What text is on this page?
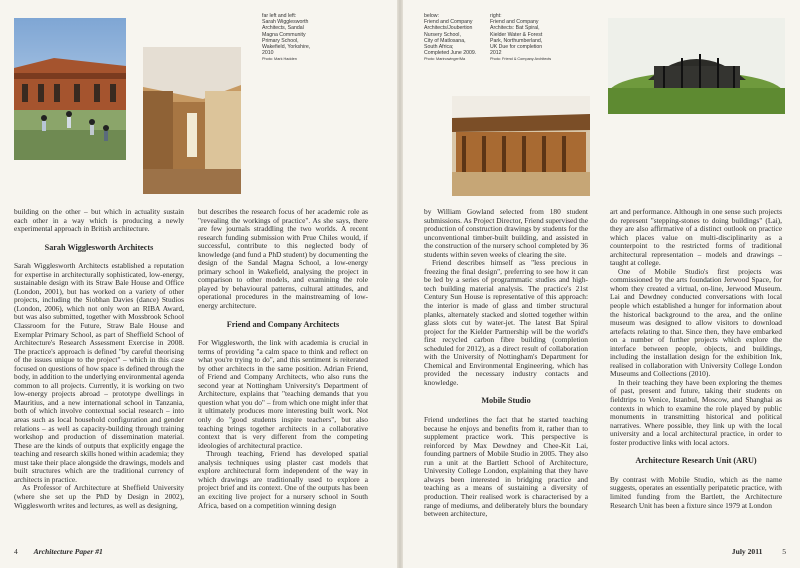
far left and left:
Sarah Wigglesworth
Architects, Sandal
Magna Community
Primary School,
Wakefield, Yorkshire,
2010
Photo: Mark Hadden
below:
Friend and Company
Architects/Joubertion
Nursery School,
City of Matlosana,
South Africa;
Completed June 2009.
Photo: Marinowinger/Ma
right:
Friend and Company
Architects: Bat Spiral,
Kielder Water & Forest
Park, Northumberland,
UK Due for completion
2012
Photo: Friend & Company Architects

building on the other – but which in actuality sustain each other in a way which is producing a newly experimental approach in British architecture.

Sarah Wigglesworth Architects

Sarah Wigglesworth Architects established a reputation for expertise in architecturally sophisticated, low-energy, sustainable design with its Straw Bale House and Office (London, 2001), but has worked on a variety of other projects, including the Siobhan Davies (dance) Studios (London, 2006), which not only won an RIBA Award, but was also submitted, together with Mossbrook School Classroom for the Future, Straw Bale House and Exemplar Primary School, as part of Sheffield School of Architecture's Research Assessment Exercise in 2008. The practice's approach is defined "by careful theorising of the issues unique to the project" – which in this case focused on questions of how space is defined through the body, in addition to the underlying environmental agenda common to all projects. Currently, it is working on two low-energy projects abroad – prototype dwellings in Mauritius, and a new international school in Tanzania, both of which involve contextual social research – into areas such as local household configuration and gender relations – as well as capacity-building through training workshop and production of dissemination material. These are the kinds of outputs that explicitly engage the teaching and research skills honed within academia; they must take their place alongside the drawings, models and built structures which are the traditional currency of architects in practice.

As Professor of Architecture at Sheffield University (where she set up the PhD by Design in 2002), Wigglesworth writes and lectures, as well as designing,

but describes the research focus of her academic role as "revealing the workings of practice". As she says, there are few journals straddling the two worlds. A recent research funding submission with Prue Chiles would, if successful, contribute to this neglected body of knowledge (and fund a PhD student) by documenting the design of the Sandal Magna School, a low-energy primary school in Wakefield, analysing the project in comparison to other models, and examining the role played by behavioural patterns, cultural attitudes, and operational procedures in the mainstreaming of low-energy architecture.

Friend and Company Architects

For Wigglesworth, the link with academia is crucial in terms of providing "a calm space to think and reflect on what you're trying to do", and this sentiment is reiterated by other architects in the same position. Adrian Friend, of Friend and Company Architects, who also runs the second year at Nottingham University's Department of Architecture, explains that "teaching demands that you question what you do" – from which one might infer that it ultimately produces more interesting built work. Not only do "good students inspire teachers", but also teaching brings together architects in a collaborative context that is very different from the competing ideologies of architectural practice.

Through teaching, Friend has developed spatial analysis techniques using plaster cast models that explore architectural form independent of the way in which drawings are traditionally used to explore a project brief and its context. One of the outputs has been an exciting live project for a nursery school in South Africa, based on a competition winning design

by William Gowland selected from 180 student submissions. As Project Director, Friend supervised the production of construction drawings by students for the unconventional timber-built building, and assisted in the construction of the nursery school completed by 36 students within seven weeks of clearing the site.

Friend describes himself as "less precious in freezing the final design", preferring to see how it can be led by a series of programmatic studies and high-tech building material analysis. The practice's 21st Century Sun House is representative of this approach: the interior is made of glass and timber structural planks, alternately stacked and slotted together within glass slots cut by water-jet. The latest Bat Spiral project for the Kielder Partnership will be the world's first recycled carbon fibre building (completion scheduled for 2012), as a direct result of collaboration with the University of Nottingham's Department for Chemical and Environmental Engineering, which has provided the necessary industry contacts and knowledge.

Mobile Studio

Friend underlines the fact that he started teaching because he enjoys and benefits from it, rather than to supplement practice work. This perspective is reinforced by Max Dewdney and Chee-Kit Lai, founding partners of Mobile Studio in 2005. They also run a unit at the Bartlett School of Architecture, University College London, explaining that they have always been interested in bridging practice and teaching as a means of sustaining a diversity of production. Their realised work is characterised by a range of mediums, and deliberately blurs the boundary between architecture,

art and performance. Although in one sense such projects do represent "stepping-stones to doing buildings" (Lai), they are also affirmative of a distinct outlook on practice which places value on multi-disciplinarity as a counterpoint to the restricted forms of traditional architectural representation – models and drawings – taught at college.

One of Mobile Studio's first projects was commissioned by the arts foundation Jerwood Space, for whom they created a virtual, on-line, Jerwood Museum. Lai and Dewdney conducted conversations with local people which established a hunger for information about the historical background to the area, and the online museum was designed to allow visitors to download artefacts relating to that. Since then, they have embarked on a number of further projects which explore the interface between people, objects, and buildings, including the installation design for the exhibition Ink, realised in collaboration with University College London Museums and Collections (2010).

In their teaching they have been exploring the themes of past, present and future, taking their students on fieldtrips to Venice, Istanbul, Moscow, and Shanghai as contexts in which to examine the role played by public monuments in transmitting historical and political narratives. Where possible, they link up with the local university and a local architectural practice, in order to foster productive links with local actors.

Architecture Research Unit (ARU)

By contrast with Mobile Studio, which as the name suggests, operates an essentially peripatetic practice, with limited funding from the Bartlett, the Architecture Research Unit has been a fixture since 1979 at London

4 Architecture Paper #1	July 2011	5
